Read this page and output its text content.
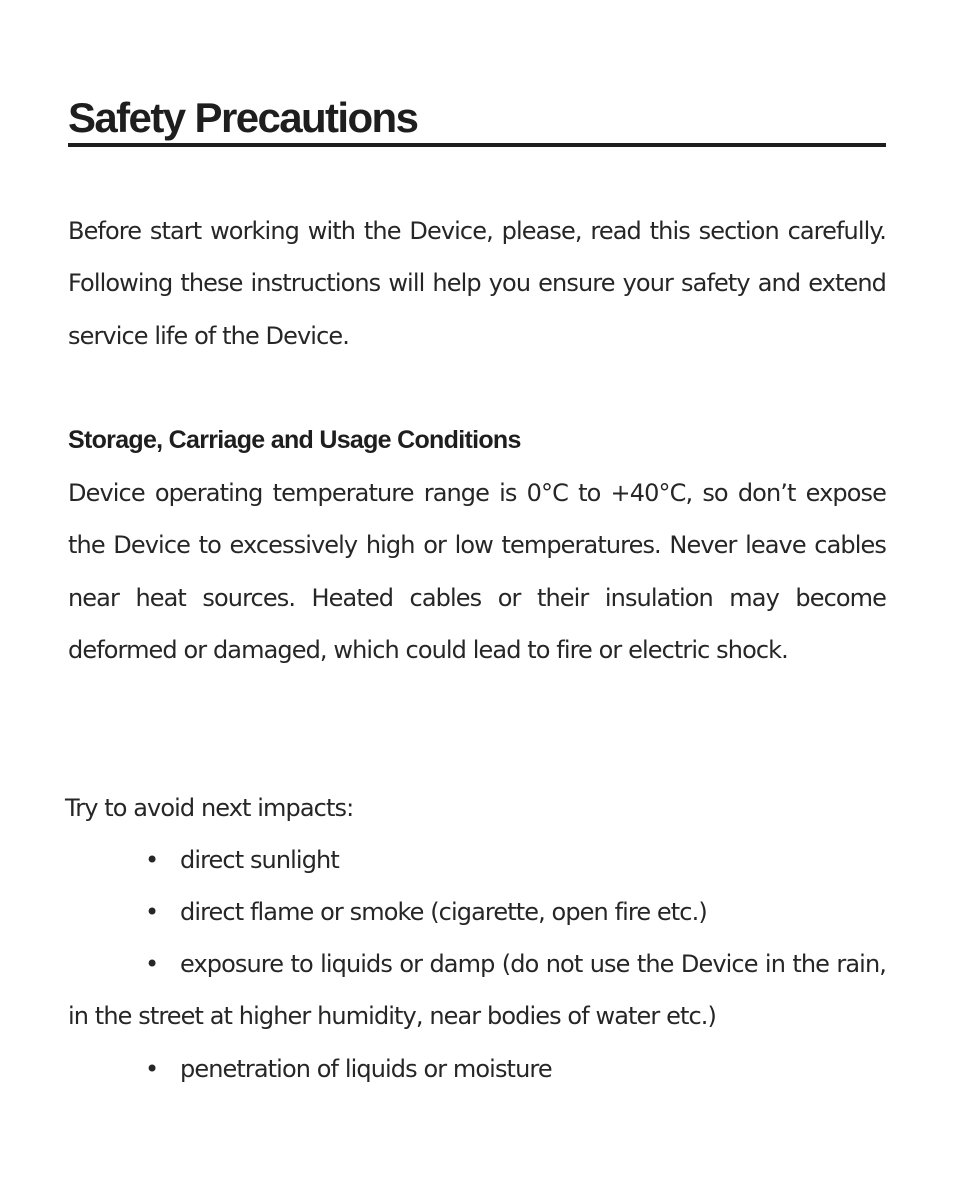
Safety Precautions

Before start working with the Device, please, read this section carefully. Following these instructions will help you ensure your safety and extend service life of the Device.

Storage, Carriage and Usage Conditions

Device operating temperature range is 0°C to +40°C, so don’t expose the Device to excessively high or low temperatures. Never leave cables near heat sources. Heated cables or their insulation may become deformed or damaged, which could lead to fire or electric shock.

Try to avoid next impacts:

• direct sunlight
• direct flame or smoke (cigarette, open fire etc.)

• exposure to liquids or damp (do not use the Device in the rain, in the street at higher humidity, near bodies of water etc.)

• penetration of liquids or moisture
